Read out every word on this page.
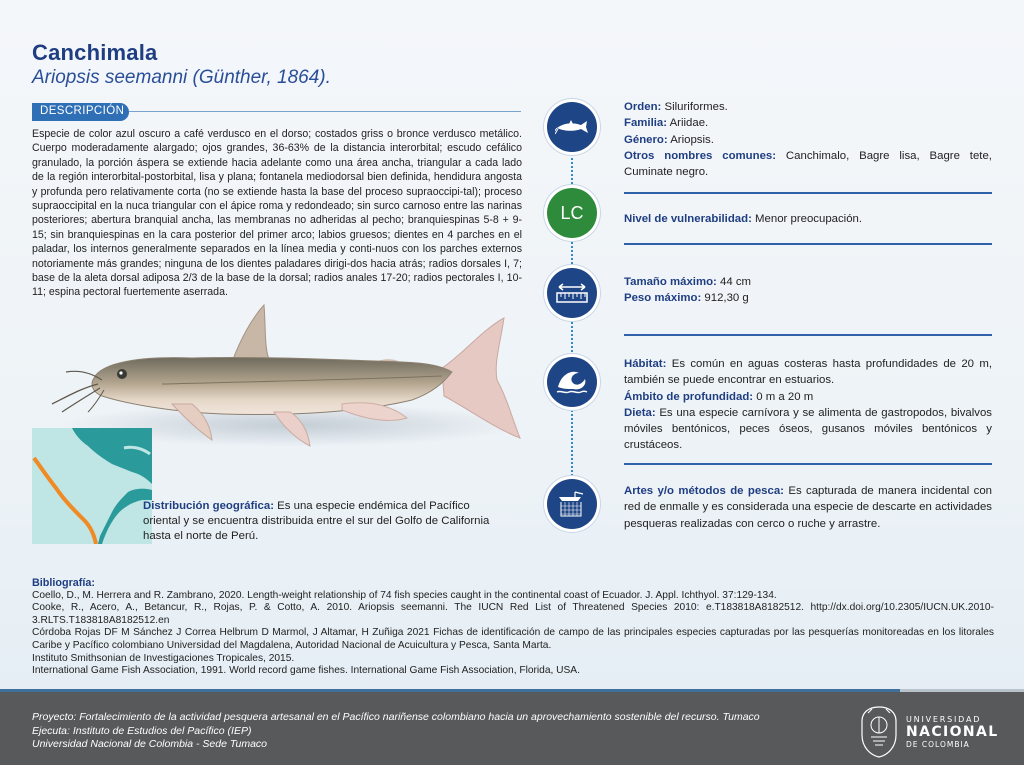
Canchimala
Ariopsis seemanni (Günther, 1864).
DESCRIPCIÓN
Especie de color azul oscuro a café verdusco en el dorso; costados griss o bronce verdusco metálico. Cuerpo moderadamente alargado; ojos grandes, 36-63% de la distancia interorbital; escudo cefálico granulado, la porción áspera se extiende hacia adelante como una área ancha, triangular a cada lado de la región interorbital-postorbital, lisa y plana; fontanela mediodorsal bien definida, hendidura angosta y profunda pero relativamente corta (no se extiende hasta la base del proceso supraoccipi-tal); proceso supraoccipital en la nuca triangular con el ápice roma y redondeado; sin surco carnoso entre las narinas posteriores; abertura branquial ancha, las membranas no adheridas al pecho; branquiespinas 5-8 + 9-15; sin branquiespinas en la cara posterior del primer arco; labios gruesos; dientes en 4 parches en el paladar, los internos generalmente separados en la línea media y conti-nuos con los parches externos notoriamente más grandes; ninguna de los dientes paladares dirigi-dos hacia atrás; radios dorsales I, 7; base de la aleta dorsal adiposa 2/3 de la base de la dorsal; radios anales 17-20; radios pectorales I, 10-11; espina pectoral fuertemente aserrada.
Distribución geográfica: Es una especie endémica del Pacífico oriental y se encuentra distribuida entre el sur del Golfo de California hasta el norte de Perú.
LC
Orden: Siluriformes.
Familia: Ariidae.
Género: Ariopsis.
Otros nombres comunes: Canchimalo, Bagre lisa, Bagre tete, Cuminate negro.
Nivel de vulnerabilidad: Menor preocupación.
Tamaño máximo: 44 cm
Peso máximo: 912,30 g
Hábitat: Es común en aguas costeras hasta profundidades de 20 m, también se puede encontrar en estuarios.
Ámbito de profundidad: 0 m a 20 m
Dieta: Es una especie carnívora y se alimenta de gastropodos, bivalvos móviles bentónicos, peces óseos, gusanos móviles bentónicos y crustáceos.
Artes y/o métodos de pesca: Es capturada de manera incidental con red de enmalle y es considerada una especie de descarte en actividades pesqueras realizadas con cerco o ruche y arrastre.
Bibliografía:
Coello, D., M. Herrera and R. Zambrano, 2020. Length-weight relationship of 74 fish species caught in the continental coast of Ecuador. J. Appl. Ichthyol. 37:129-134.
Cooke, R., Acero, A., Betancur, R., Rojas, P. & Cotto, A. 2010. Ariopsis seemanni. The IUCN Red List of Threatened Species 2010: e.T183818A8182512. http://dx.doi.org/10.2305/IUCN.UK.2010-3.RLTS.T183818A8182512.en
Córdoba Rojas DF M Sánchez J Correa Helbrum D Marmol, J Altamar, H Zuñiga 2021 Fichas de identificación de campo de las principales especies capturadas por las pesquerías monitoreadas en los litorales Caribe y Pacífico colombiano Universidad del Magdalena, Autoridad Nacional de Acuicultura y Pesca, Santa Marta.
Instituto Smithsonian de Investigaciones Tropicales, 2015.
International Game Fish Association, 1991. World record game fishes. International Game Fish Association, Florida, USA.
Proyecto: Fortalecimiento de la actividad pesquera artesanal en el Pacífico nariñense colombiano hacia un aprovechamiento sostenible del recurso. Tumaco
Ejecuta: Instituto de Estudios del Pacífico (IEP)
Universidad Nacional de Colombia - Sede Tumaco
UNIVERSIDAD
NACIONAL
DE COLOMBIA
